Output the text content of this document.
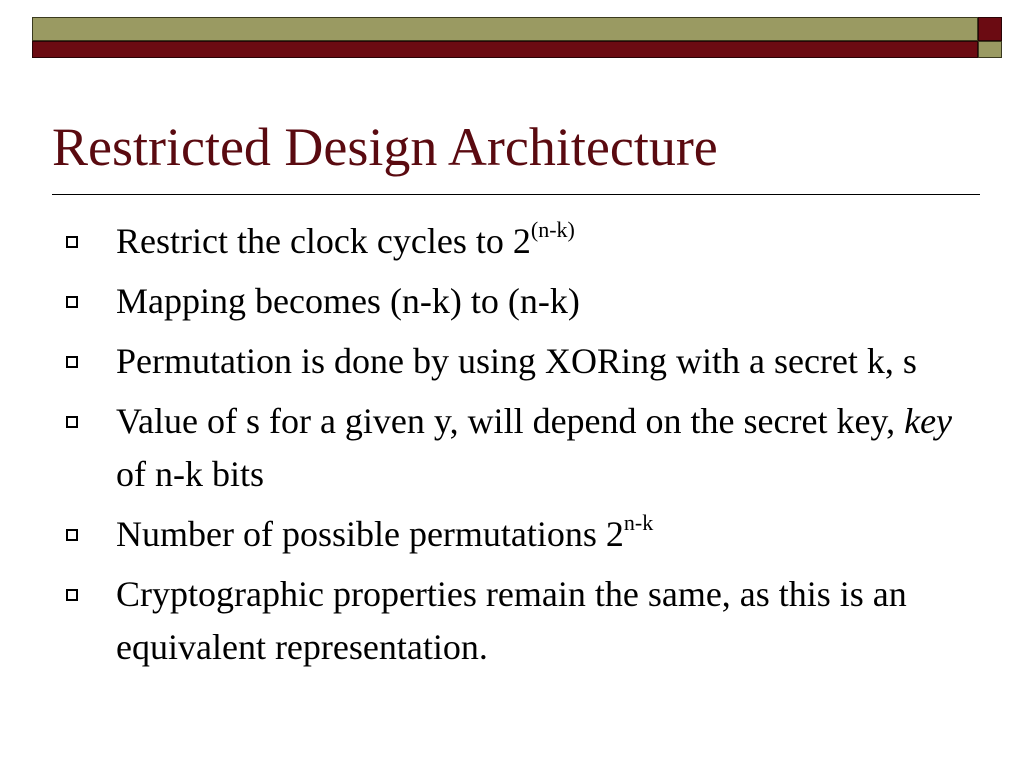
Restricted Design Architecture
Restrict the clock cycles to 2$^{(n-k)}$
Mapping becomes (n-k) to (n-k)
Permutation is done by using XORing with a secret k, s
Value of s for a given y, will depend on the secret key, key of n-k bits
Number of possible permutations 2$^{n-k}$
Cryptographic properties remain the same, as this is an equivalent representation.
